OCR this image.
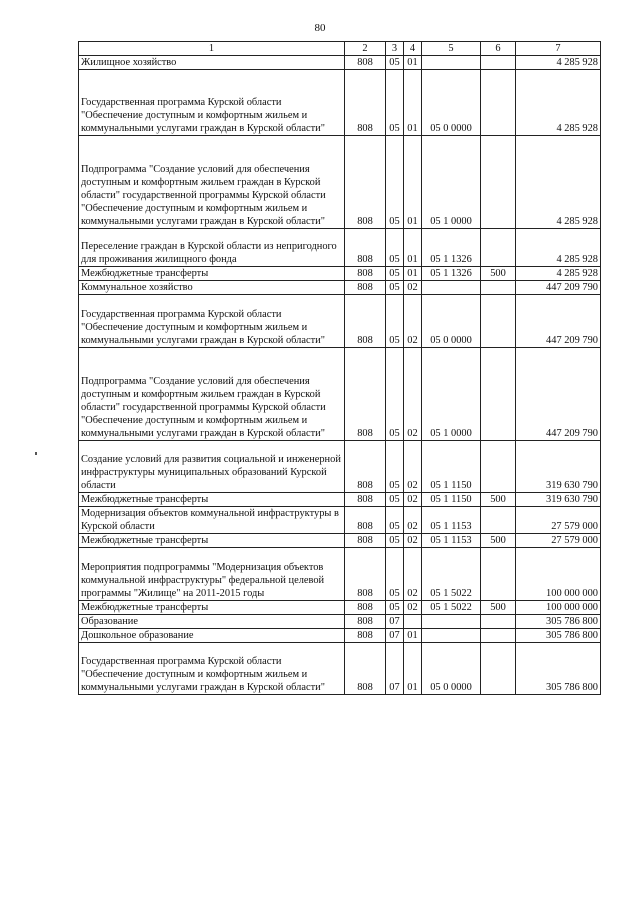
80
1	2	3	4	5	6	7
Жилищное хозяйство	808	05	01			4 285 928
Государственная программа Курской области "Обеспечение доступным и комфортным жильем и коммунальными услугами граждан в Курской области"	808	05	01	05 0 0000		4 285 928
Подпрограмма "Создание условий для обеспечения доступным и комфортным жильем граждан в Курской области" государственной программы Курской области "Обеспечение доступным и комфортным жильем и коммунальными услугами граждан в Курской области"	808	05	01	05 1 0000		4 285 928
Переселение граждан в Курской области из непригодного для проживания жилищного фонда	808	05	01	05 1 1326		4 285 928
Межбюджетные трансферты	808	05	01	05 1 1326	500	4 285 928
Коммунальное хозяйство	808	05	02			447 209 790
Государственная программа Курской области "Обеспечение доступным и комфортным жильем и коммунальными услугами граждан в Курской области"	808	05	02	05 0 0000		447 209 790
Подпрограмма "Создание условий для обеспечения доступным и комфортным жильем граждан в Курской области" государственной программы Курской области "Обеспечение доступным и комфортным жильем и коммунальными услугами граждан в Курской области"	808	05	02	05 1 0000		447 209 790
Создание условий для развития социальной и инженерной инфраструктуры муниципальных образований Курской области	808	05	02	05 1 1150		319 630 790
Межбюджетные трансферты	808	05	02	05 1 1150	500	319 630 790
Модернизация объектов коммунальной инфраструктуры в Курской области	808	05	02	05 1 1153		27 579 000
Межбюджетные трансферты	808	05	02	05 1 1153	500	27 579 000
Мероприятия подпрограммы "Модернизация объектов коммунальной инфраструктуры" федеральной целевой программы "Жилище" на 2011-2015 годы	808	05	02	05 1 5022		100 000 000
Межбюджетные трансферты	808	05	02	05 1 5022	500	100 000 000
Образование	808	07				305 786 800
Дошкольное образование	808	07	01			305 786 800
Государственная программа Курской области "Обеспечение доступным и комфортным жильем и коммунальными услугами граждан в Курской области"	808	07	01	05 0 0000		305 786 800
